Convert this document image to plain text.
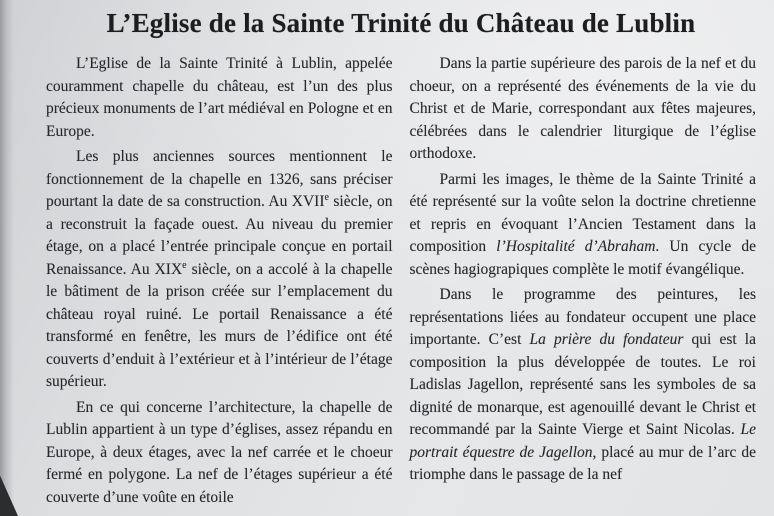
L’Eglise de la Sainte Trinité du Château de Lublin

L’Eglise de la Sainte Trinité à Lublin, appelée couramment chapelle du château, est l’un des plus précieux monuments de l’art médiéval en Pologne et en Europe.

Les plus anciennes sources mentionnent le fonctionnement de la chapelle en 1326, sans préciser pourtant la date de sa construction. Au XVIIe siècle, on a reconstruit la façade ouest. Au niveau du premier étage, on a placé l’entrée principale conçue en portail Renaissance. Au XIXe siècle, on a accolé à la chapelle le bâtiment de la prison créée sur l’emplacement du château royal ruiné. Le portail Renaissance a été transformé en fenêtre, les murs de l’édifice ont été couverts d’enduit à l’extérieur et à l’intérieur de l’étage supérieur.

En ce qui concerne l’architecture, la chapelle de Lublin appartient à un type d’églises, assez répandu en Europe, à deux étages, avec la nef carrée et le choeur fermé en polygone. La nef de l’étages supérieur a été couverte d’une voûte en étoile

Dans la partie supérieure des parois de la nef et du choeur, on a représenté des événements de la vie du Christ et de Marie, correspondant aux fêtes majeures, célébrées dans le calendrier liturgique de l’église orthodoxe.

Parmi les images, le thème de la Sainte Trinité a été représenté sur la voûte selon la doctrine chretienne et repris en évoquant l’Ancien Testament dans la composition l’Hospitalité d’Abraham. Un cycle de scènes hagiograpiques complète le motif évangélique.

Dans le programme des peintures, les représentations liées au fondateur occupent une place importante. C’est La prière du fondateur qui est la composition la plus développée de toutes. Le roi Ladislas Jagellon, représenté sans les symboles de sa dignité de monarque, est agenouillé devant le Christ et recommandé par la Sainte Vierge et Saint Nicolas. Le portrait équestre de Jagellon, placé au mur de l’arc de triomphe dans le passage de la nef
